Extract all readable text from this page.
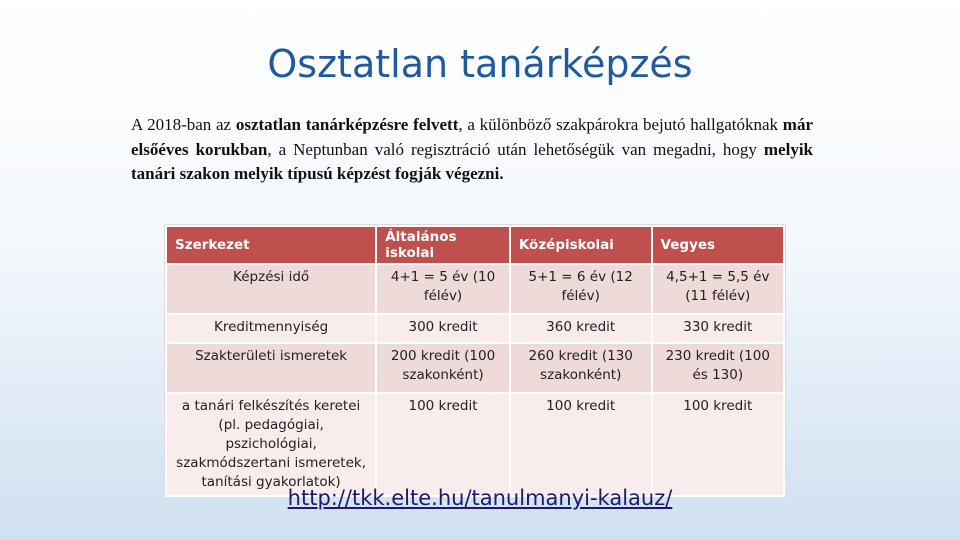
Osztatlan tanárképzés

A 2018-ban az osztatlan tanárképzésre felvett, a különböző szakpárokra bejutó hallgatóknak már elsőéves korukban, a Neptunban való regisztráció után lehetőségük van megadni, hogy melyik tanári szakon melyik típusú képzést fogják végezni.

Szerkezet	Általános iskolai	Középiskolai	Vegyes
Képzési idő	4+1 = 5 év (10 félév)	5+1 = 6 év (12 félév)	4,5+1 = 5,5 év (11 félév)
Kreditmennyiség	300 kredit	360 kredit	330 kredit
Szakterületi ismeretek	200 kredit (100 szakonként)	260 kredit (130 szakonként)	230 kredit (100 és 130)
a tanári felkészítés keretei (pl. pedagógiai, pszichológiai, szakmódszertani ismeretek, tanítási gyakorlatok)	100 kredit	100 kredit	100 kredit
http://tkk.elte.hu/tanulmanyi-kalauz/
